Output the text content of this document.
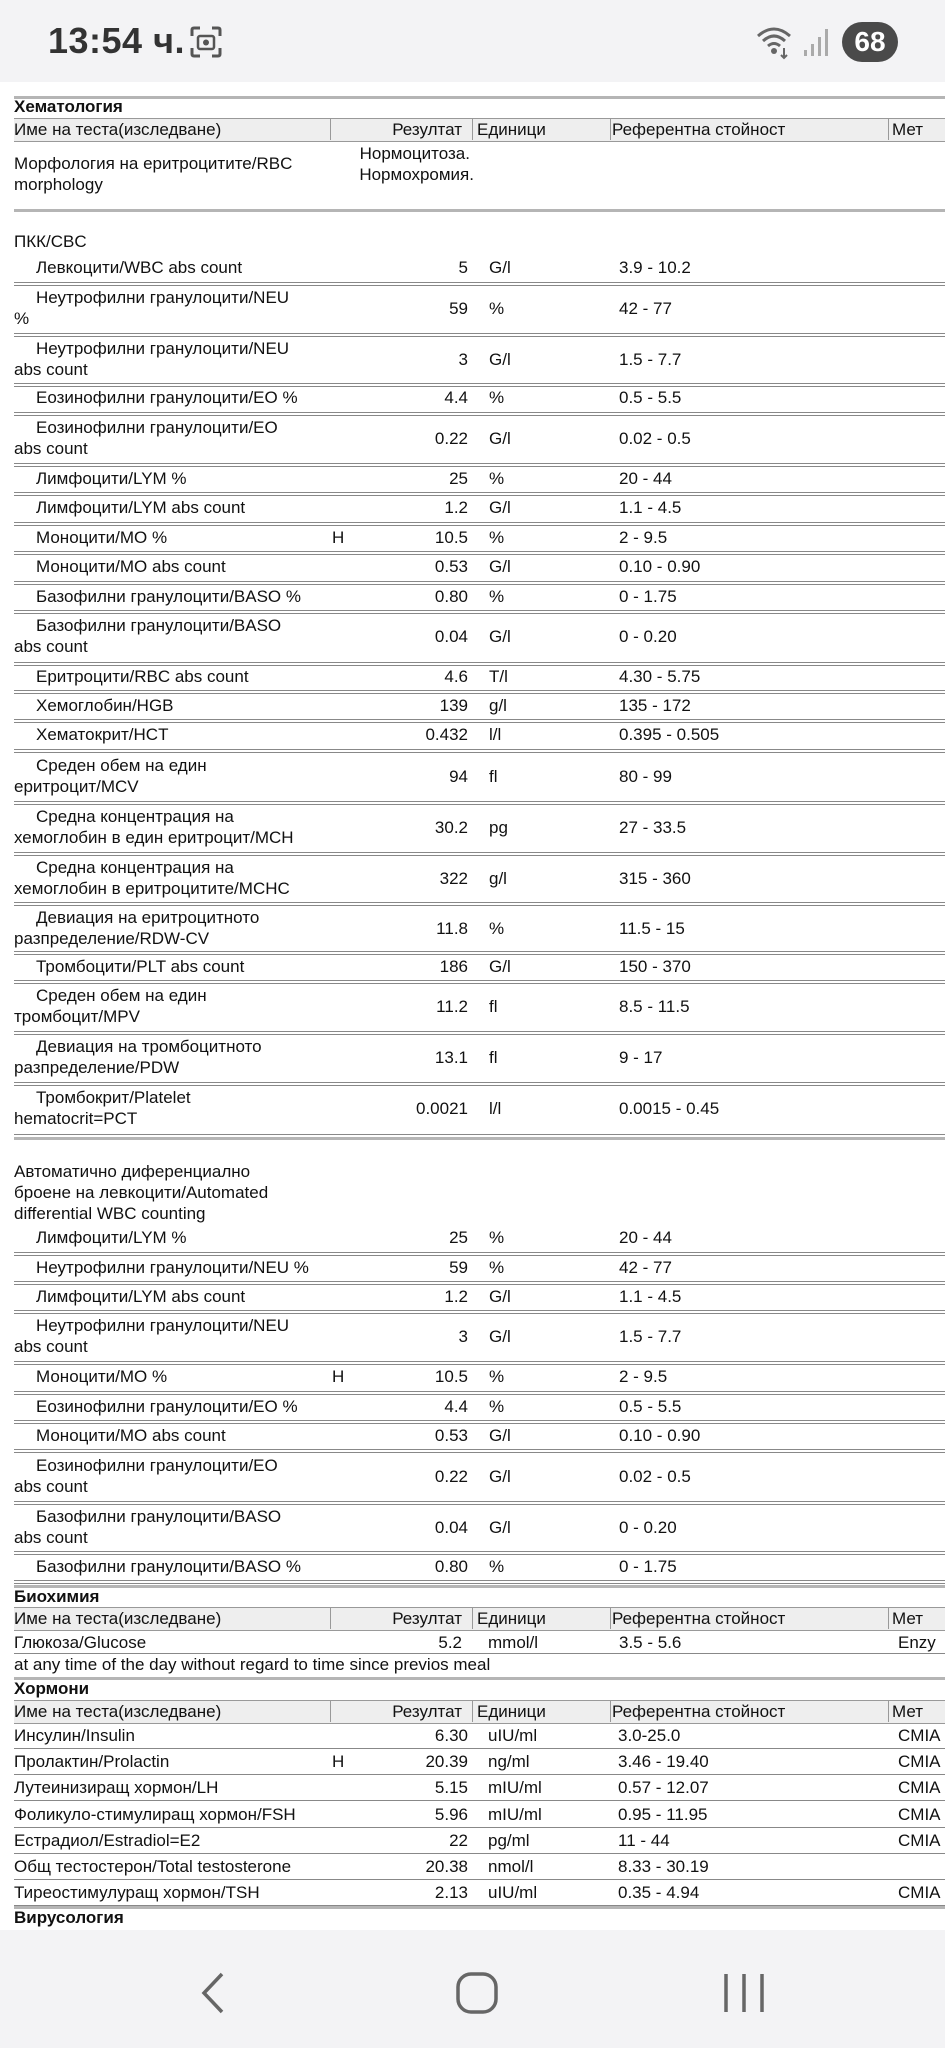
13:54 ч.	68
Хематология
Име на теста(изследване)	Резултат Единици	Референтна стойност	Мет
Морфология на еритроцитите/RBC
morphology
Нормоцитоза.
Нормохромия.
ПКК/CBC
Левкоцити/WBC abs count	5 G/l	3.9 - 10.2
Неутрофилни гранулоцити/NEU
%
59 %	42 - 77
Неутрофилни гранулоцити/NEU
abs count
3 G/l	1.5 - 7.7
Еозинофилни гранулоцити/EO %	4.4 %	0.5 - 5.5
Еозинофилни гранулоцити/EO
abs count
0.22 G/l	0.02 - 0.5
Лимфоцити/LYM %	25 %	20 - 44
Лимфоцити/LYM abs count	1.2 G/l	1.1 - 4.5
Моноцити/MO %	H	10.5 %	2 - 9.5
Моноцити/MO abs count	0.53 G/l	0.10 - 0.90
Базофилни гранулоцити/BASO %	0.80 %	0 - 1.75
Базофилни гранулоцити/BASO
abs count
0.04 G/l	0 - 0.20
Еритроцити/RBC abs count	4.6 T/l	4.30 - 5.75
Хемоглобин/HGB	139 g/l	135 - 172
Хематокрит/HCT	0.432 l/l	0.395 - 0.505
Среден обем на един
еритроцит/MCV
94 fl	80 - 99
Средна концентрация на
хемоглобин в един еритроцит/MCH
30.2 pg	27 - 33.5
Средна концентрация на
хемоглобин в еритроцитите/MCHC
322 g/l	315 - 360
Девиация на еритроцитното
разпределение/RDW-CV
11.8 %	11.5 - 15
Тромбоцити/PLT abs count	186 G/l	150 - 370
Среден обем на един
тромбоцит/MPV
11.2 fl	8.5 - 11.5
Девиация на тромбоцитното
разпределение/PDW
13.1 fl	9 - 17
Тромбокрит/Platelet
hematocrit=PCT
0.0021 l/l	0.0015 - 0.45
Автоматично диференциално
броене на левкоцити/Automated
differential WBC counting
Лимфоцити/LYM %	25 %	20 - 44
Неутрофилни гранулоцити/NEU %	59 %	42 - 77
Лимфоцити/LYM abs count	1.2 G/l	1.1 - 4.5
Неутрофилни гранулоцити/NEU
abs count
3 G/l	1.5 - 7.7
Моноцити/MO %	H	10.5 %	2 - 9.5
Еозинофилни гранулоцити/EO %	4.4 %	0.5 - 5.5
Моноцити/MO abs count	0.53 G/l	0.10 - 0.90
Еозинофилни гранулоцити/EO
abs count
0.22 G/l	0.02 - 0.5
Базофилни гранулоцити/BASO
abs count
0.04 G/l	0 - 0.20
Базофилни гранулоцити/BASO %	0.80 %	0 - 1.75
Биохимия
Име на теста(изследване)	Резултат Единици	Референтна стойност	Мет
Глюкоза/Glucose	5.2 mmol/l	3.5 - 5.6	Enzy
at any time of the day without regard to time since previos meal
Хормони
Име на теста(изследване)	Резултат Единици	Референтна стойност	Мет
Инсулин/Insulin	6.30 uIU/ml	3.0-25.0	CMIA
Пролактин/Prolactin	H	20.39 ng/ml	3.46 - 19.40	CMIA
Лутеинизиращ хормон/LH	5.15 mIU/ml	0.57 - 12.07	CMIA
Фоликуло-стимулиращ хормон/FSH	5.96 mIU/ml	0.95 - 11.95	CMIA
Естрадиол/Estradiol=E2	22 pg/ml	11 - 44	CMIA
Общ тестостерон/Total testosterone	20.38 nmol/l	8.33 - 30.19
Тиреостимулуращ хормон/TSH	2.13 uIU/ml	0.35 - 4.94	CMIA
Вирусология
